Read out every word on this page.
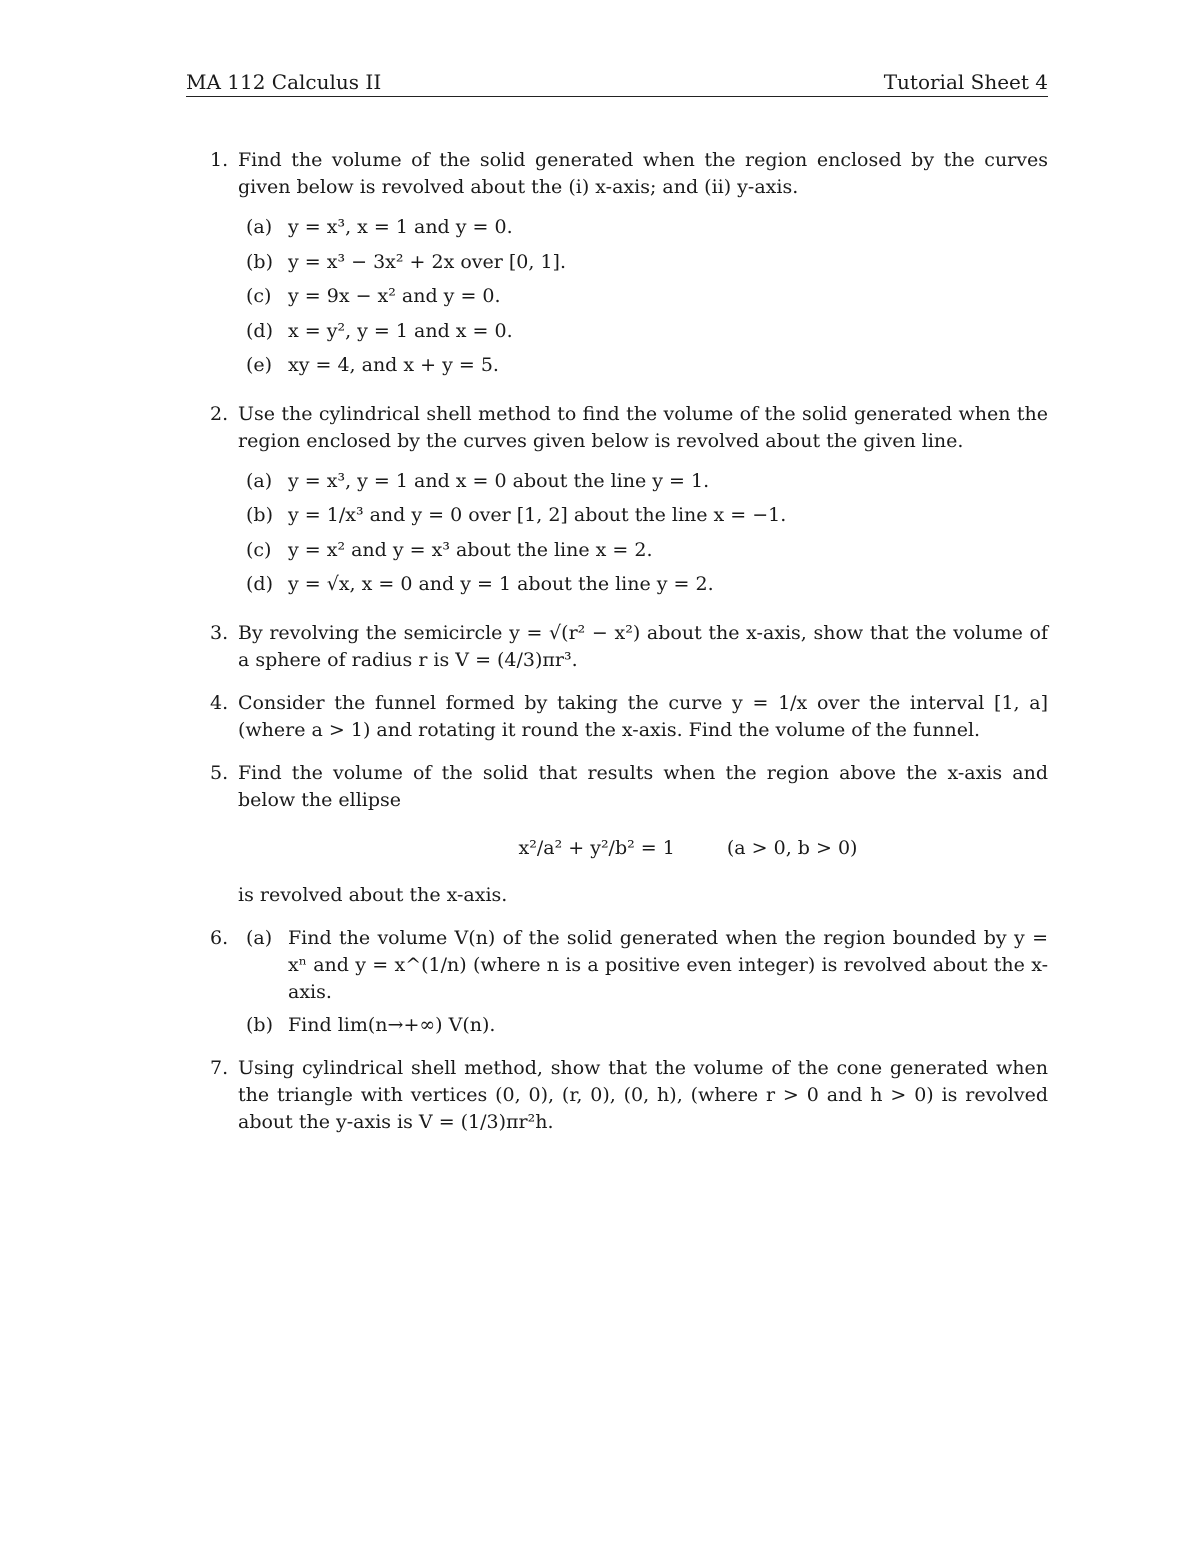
MA 112 Calculus II	Tutorial Sheet 4
1. Find the volume of the solid generated when the region enclosed by the curves given below is revolved about the (i) x-axis; and (ii) y-axis.
(a) y = x³, x = 1 and y = 0.
(b) y = x³ − 3x² + 2x over [0, 1].
(c) y = 9x − x² and y = 0.
(d) x = y², y = 1 and x = 0.
(e) xy = 4, and x + y = 5.
2. Use the cylindrical shell method to find the volume of the solid generated when the region enclosed by the curves given below is revolved about the given line.
(a) y = x³, y = 1 and x = 0 about the line y = 1.
(b) y = 1/x³ and y = 0 over [1, 2] about the line x = −1.
(c) y = x² and y = x³ about the line x = 2.
(d) y = √x, x = 0 and y = 1 about the line y = 2.
3. By revolving the semicircle y = √(r² − x²) about the x-axis, show that the volume of a sphere of radius r is V = (4/3)πr³.
4. Consider the funnel formed by taking the curve y = 1/x over the interval [1, a] (where a > 1) and rotating it round the x-axis. Find the volume of the funnel.
5. Find the volume of the solid that results when the region above the x-axis and below the ellipse
x²/a² + y²/b² = 1	(a > 0, b > 0)
is revolved about the x-axis.
6. (a) Find the volume V(n) of the solid generated when the region bounded by y = xⁿ and y = x^(1/n) (where n is a positive even integer) is revolved about the x-axis.
(b) Find lim(n→+∞) V(n).
7. Using cylindrical shell method, show that the volume of the cone generated when the triangle with vertices (0, 0), (r, 0), (0, h), (where r > 0 and h > 0) is revolved about the y-axis is V = (1/3)πr²h.
